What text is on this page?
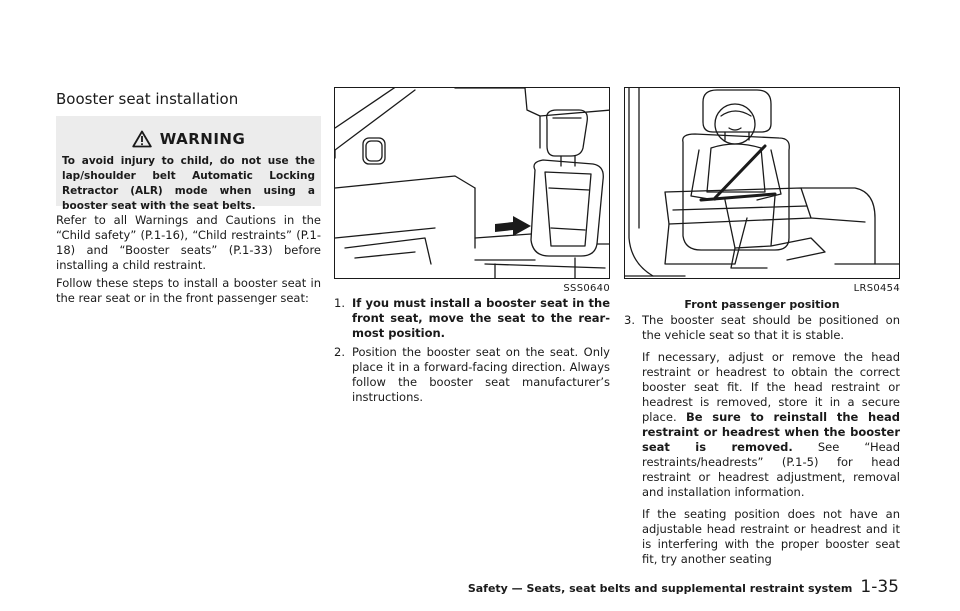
Booster seat installation
WARNING

To avoid injury to child, do not use the lap/shoulder belt Automatic Locking Retractor (ALR) mode when using a booster seat with the seat belts.

Refer to all Warnings and Cautions in the “Child safety” (P.1-16), “Child restraints” (P.1-18) and “Booster seats” (P.1-33) before installing a child restraint.

Follow these steps to install a booster seat in the rear seat or in the front passenger seat:

SSS0640
1. If you must install a booster seat in the front seat, move the seat to the rear-most position.
2. Position the booster seat on the seat. Only place it in a forward-facing direction. Always follow the booster seat manufacturer’s instructions.
LRS0454
Front passenger position
3. The booster seat should be positioned on the vehicle seat so that it is stable.

If necessary, adjust or remove the head restraint or headrest to obtain the correct booster seat fit. If the head restraint or headrest is removed, store it in a secure place. Be sure to reinstall the head restraint or headrest when the booster seat is removed. See “Head restraints/headrests” (P.1-5) for head restraint or headrest adjustment, removal and installation information.

If the seating position does not have an adjustable head restraint or headrest and it is interfering with the proper booster seat fit, try another seating

Safety — Seats, seat belts and supplemental restraint system 1-35
